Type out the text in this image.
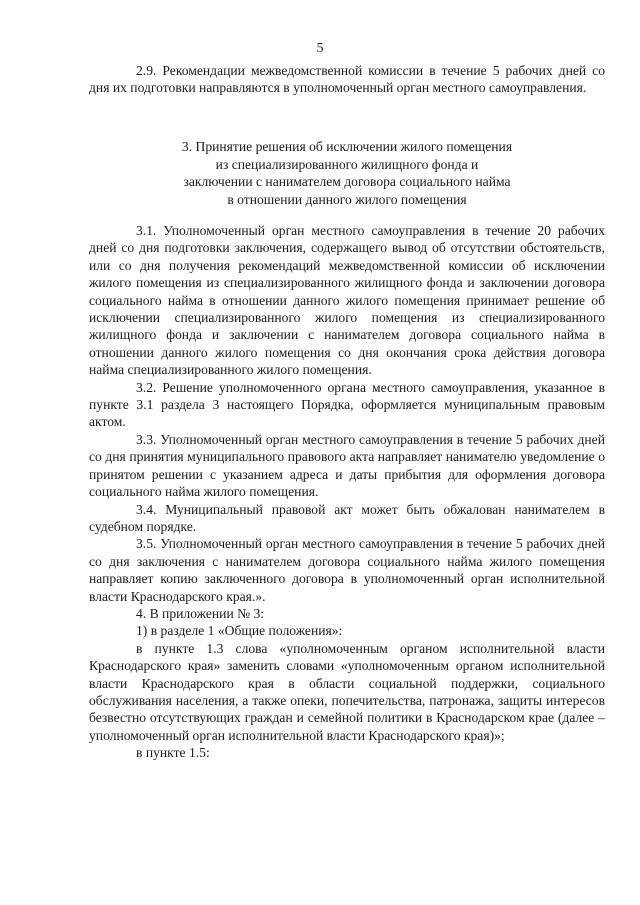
5

2.9. Рекомендации межведомственной комиссии в течение 5 рабочих дней со дня их подготовки направляются в уполномоченный орган местного самоуправления.

3. Принятие решения об исключении жилого помещения
из специализированного жилищного фонда и
заключении с нанимателем договора социального найма
в отношении данного жилого помещения

3.1. Уполномоченный орган местного самоуправления в течение 20 рабочих дней со дня подготовки заключения, содержащего вывод об отсутствии обстоятельств, или со дня получения рекомендаций межведомственной комиссии об исключении жилого помещения из специализированного жилищного фонда и заключении договора социального найма в отношении данного жилого помещения принимает решение об исключении специализированного жилого помещения из специализированного жилищного фонда и заключении с нанимателем договора социального найма в отношении данного жилого помещения со дня окончания срока действия договора найма специализированного жилого помещения.

3.2. Решение уполномоченного органа местного самоуправления, указанное в пункте 3.1 раздела 3 настоящего Порядка, оформляется муниципальным правовым актом.

3.3. Уполномоченный орган местного самоуправления в течение 5 рабочих дней со дня принятия муниципального правового акта направляет нанимателю уведомление о принятом решении с указанием адреса и даты прибытия для оформления договора социального найма жилого помещения.

3.4. Муниципальный правовой акт может быть обжалован нанимателем в судебном порядке.

3.5. Уполномоченный орган местного самоуправления в течение 5 рабочих дней со дня заключения с нанимателем договора социального найма жилого помещения направляет копию заключенного договора в уполномоченный орган исполнительной власти Краснодарского края.».

4. В приложении № 3:

1) в разделе 1 «Общие положения»:

в пункте 1.3 слова «уполномоченным органом исполнительной власти Краснодарского края» заменить словами «уполномоченным органом исполнительной власти Краснодарского края в области социальной поддержки, социального обслуживания населения, а также опеки, попечительства, патронажа, защиты интересов безвестно отсутствующих граждан и семейной политики в Краснодарском крае (далее – уполномоченный орган исполнительной власти Краснодарского края)»;

в пункте 1.5:
